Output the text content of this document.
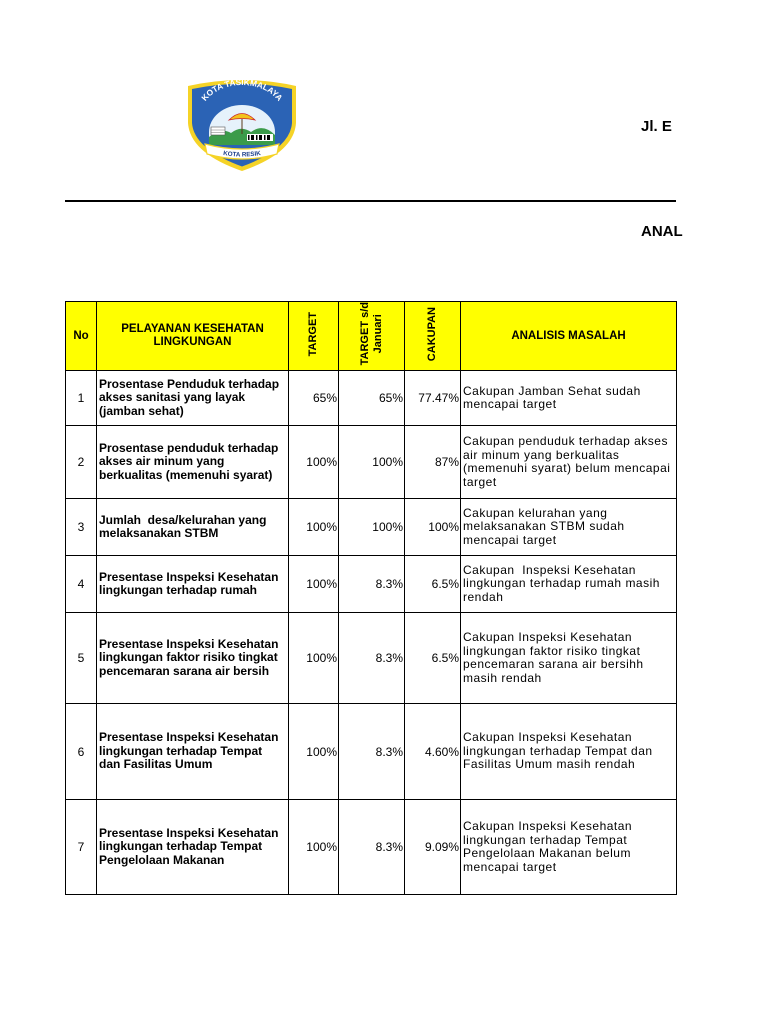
KOTA TASIKMALAYA
KOTA RESIK
Jl. E
ANAL
No	PELAYANAN KESEHATAN LINGKUNGAN	TARGET	TARGET s/d
Januari	CAKUPAN	ANALISIS MASALAH
1	Prosentase Penduduk terhadap
akses sanitasi yang layak
(jamban sehat)	65%	65%	77.47%	Cakupan Jamban Sehat sudah
mencapai target
2	Prosentase penduduk terhadap
akses air minum yang
berkualitas (memenuhi syarat)	100%	100%	87%	Cakupan penduduk terhadap akses
air minum yang berkualitas
(memenuhi syarat) belum mencapai
target
3	Jumlah  desa/kelurahan yang
melaksanakan STBM	100%	100%	100%	Cakupan kelurahan yang
melaksanakan STBM sudah
mencapai target
4	Presentase Inspeksi Kesehatan
lingkungan terhadap rumah	100%	8.3%	6.5%	Cakupan  Inspeksi Kesehatan
lingkungan terhadap rumah masih
rendah
5	Presentase Inspeksi Kesehatan
lingkungan faktor risiko tingkat
pencemaran sarana air bersih	100%	8.3%	6.5%	Cakupan Inspeksi Kesehatan
lingkungan faktor risiko tingkat
pencemaran sarana air bersihh
masih rendah
6	Presentase Inspeksi Kesehatan
lingkungan terhadap Tempat
dan Fasilitas Umum	100%	8.3%	4.60%	Cakupan Inspeksi Kesehatan
lingkungan terhadap Tempat dan
Fasilitas Umum masih rendah
7	Presentase Inspeksi Kesehatan
lingkungan terhadap Tempat
Pengelolaan Makanan	100%	8.3%	9.09%	Cakupan Inspeksi Kesehatan
lingkungan terhadap Tempat
Pengelolaan Makanan belum
mencapai target
